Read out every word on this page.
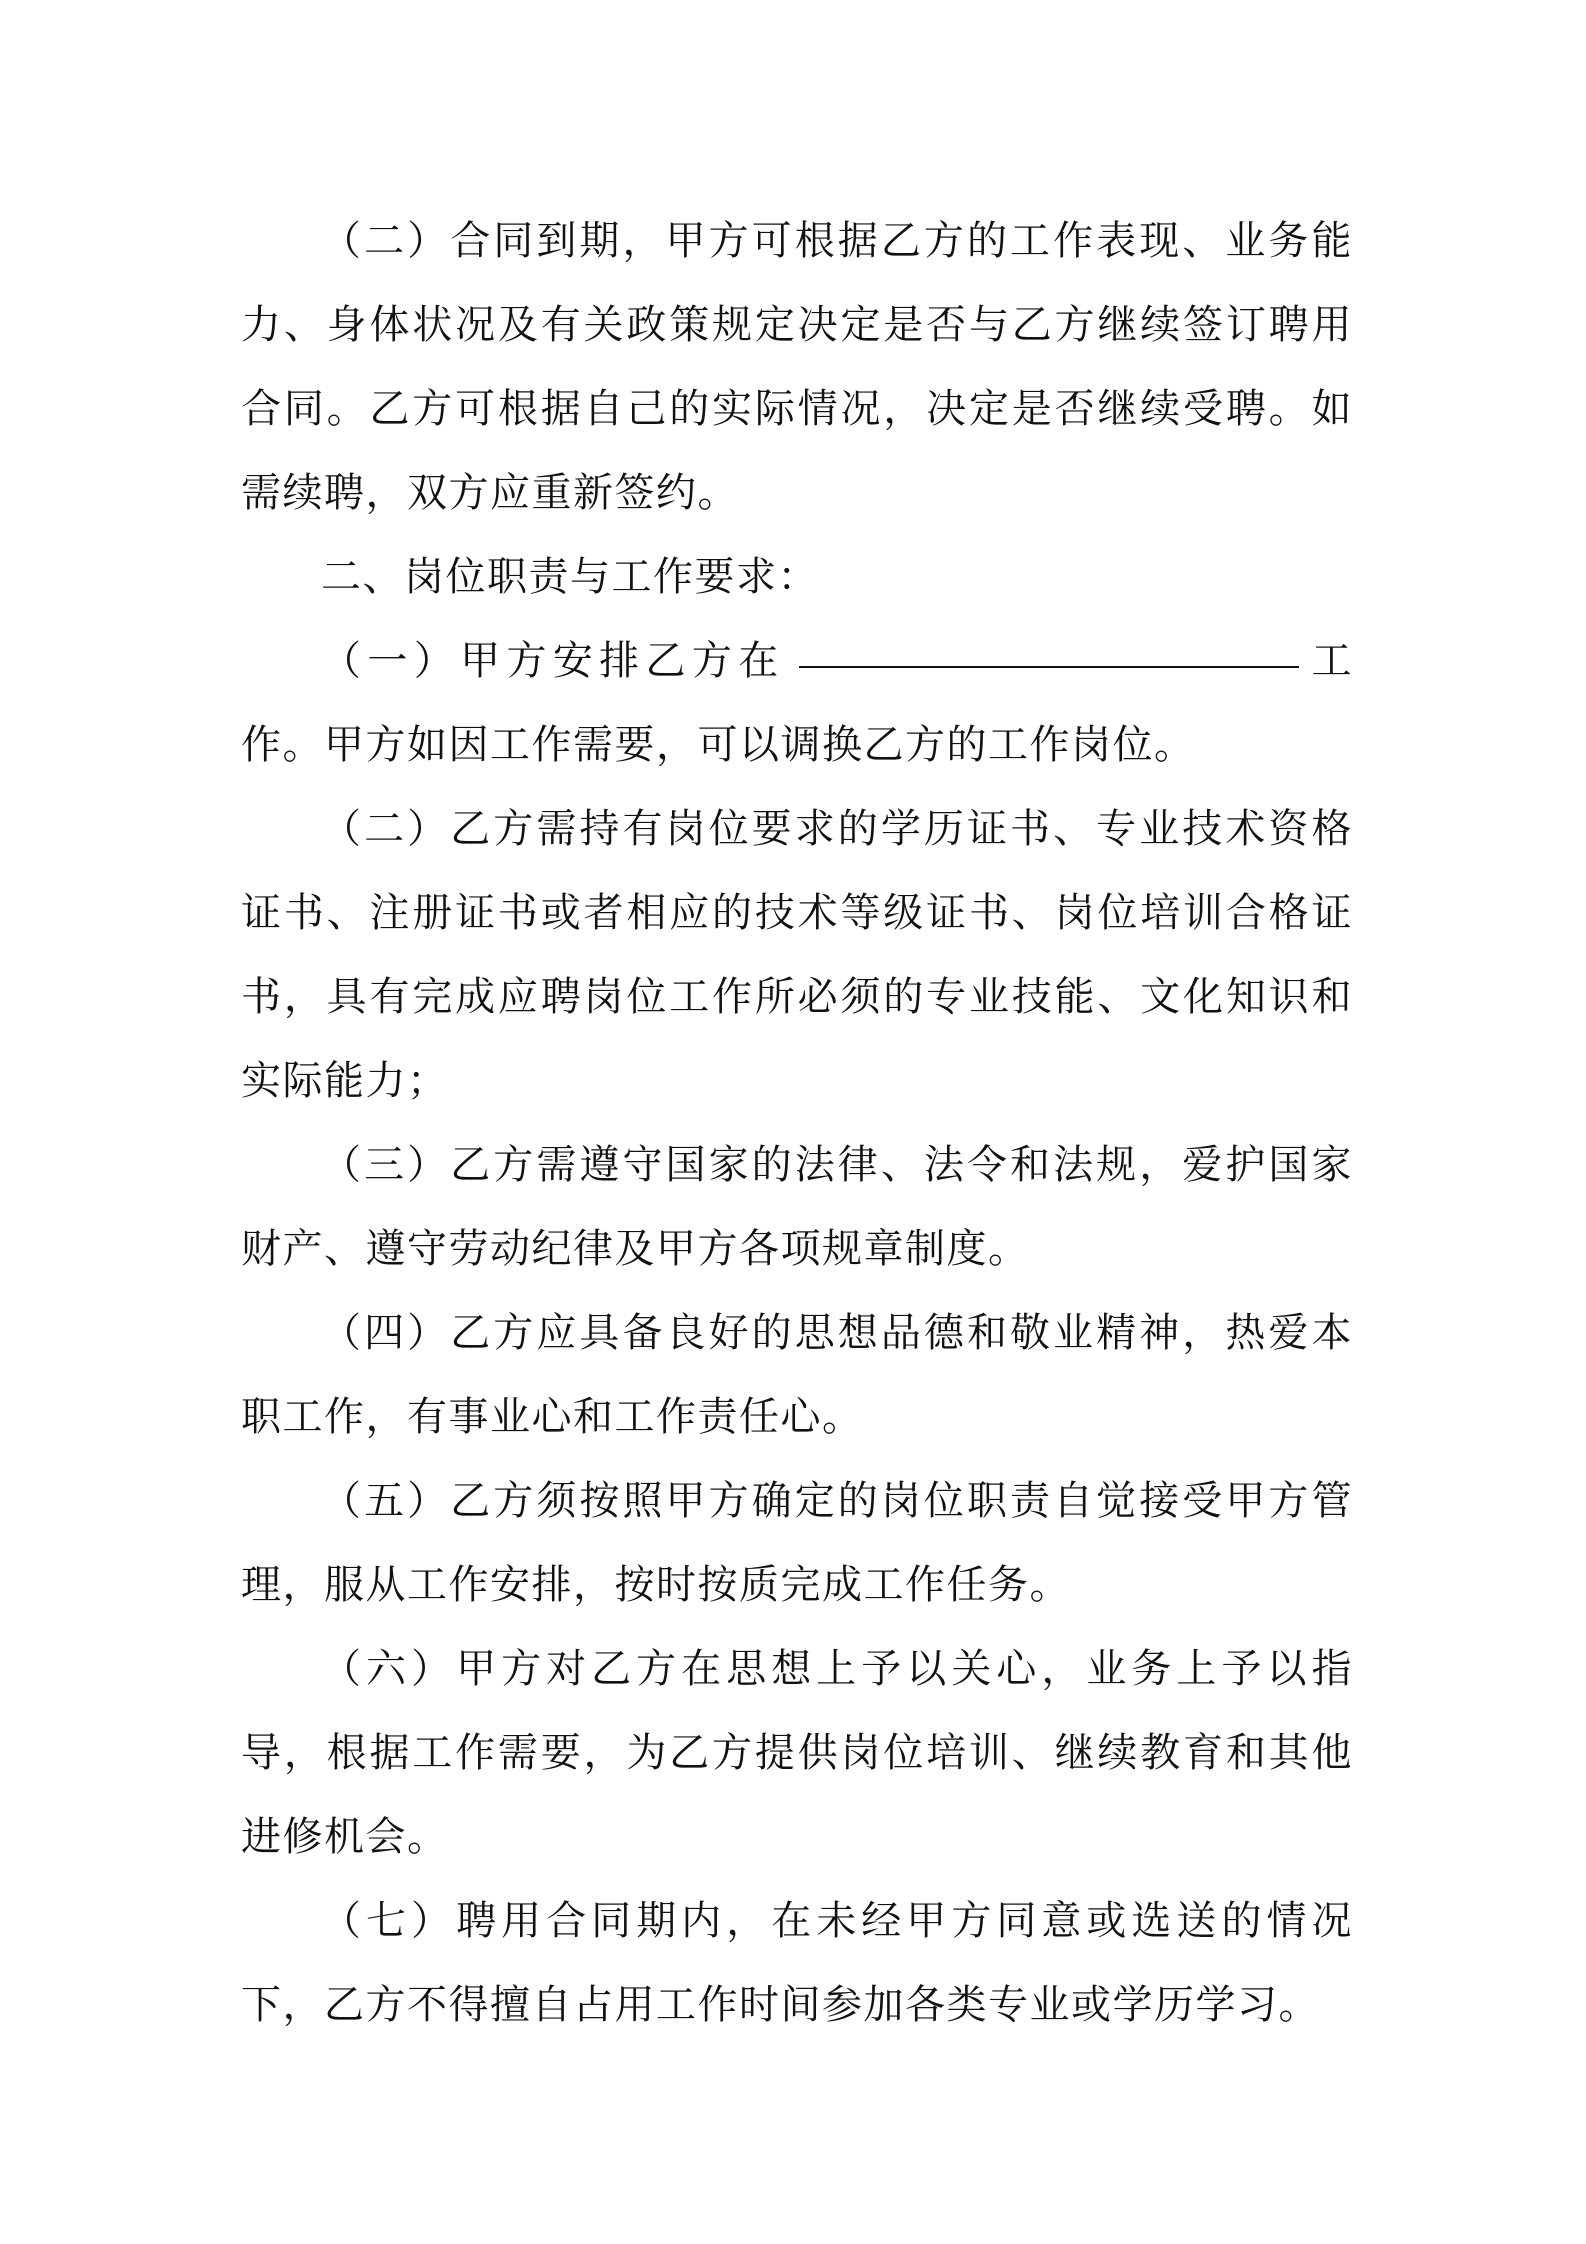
（二）合同到期，甲方可根据乙方的工作表现、业务能力、身体状况及有关政策规定决定是否与乙方继续签订聘用合同。乙方可根据自己的实际情况，决定是否继续受聘。如需续聘，双方应重新签约。

二、岗位职责与工作要求：

（一）甲方安排乙方在	工作。甲方如因工作需要，可以调换乙方的工作岗位。

（二）乙方需持有岗位要求的学历证书、专业技术资格证书、注册证书或者相应的技术等级证书、岗位培训合格证书，具有完成应聘岗位工作所必须的专业技能、文化知识和实际能力；

（三）乙方需遵守国家的法律、法令和法规，爱护国家财产、遵守劳动纪律及甲方各项规章制度。

（四）乙方应具备良好的思想品德和敬业精神，热爱本职工作，有事业心和工作责任心。

（五）乙方须按照甲方确定的岗位职责自觉接受甲方管理，服从工作安排，按时按质完成工作任务。

（六）甲方对乙方在思想上予以关心，业务上予以指导，根据工作需要，为乙方提供岗位培训、继续教育和其他进修机会。

（七）聘用合同期内，在未经甲方同意或选送的情况下，乙方不得擅自占用工作时间参加各类专业或学历学习。
